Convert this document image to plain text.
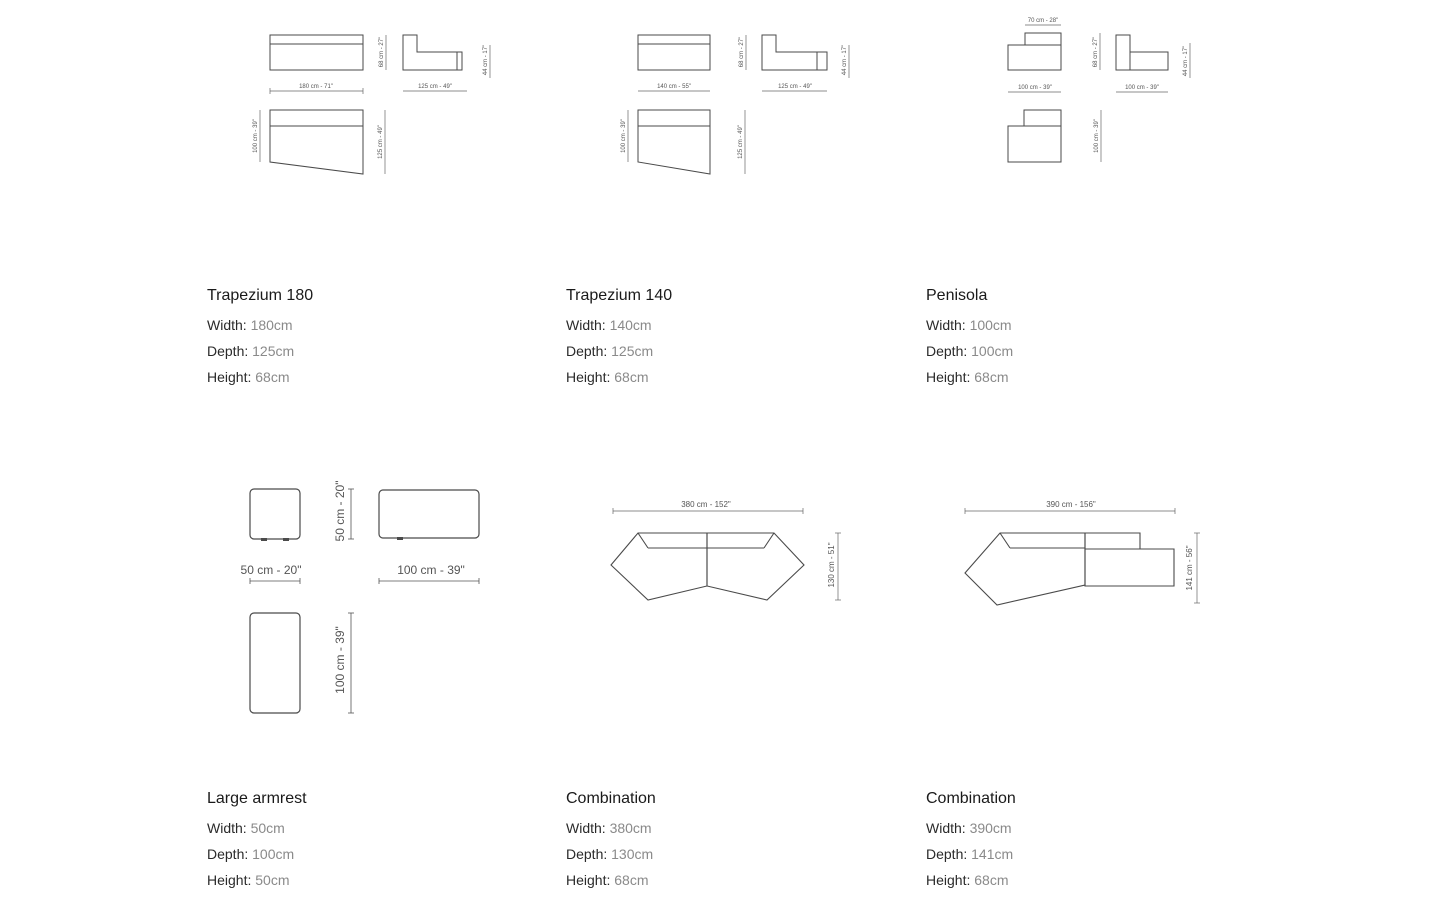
180 cm - 71"	125 cm - 49"
68 cm - 27"	44 cm - 17"
100 cm - 39"	125 cm - 49"
Trapezium 180
Width: 180cm
Depth: 125cm
Height: 68cm
140 cm - 55"	125 cm - 49"
68 cm - 27"	44 cm - 17"
100 cm - 39"	125 cm - 49"
Trapezium 140
Width: 140cm
Depth: 125cm
Height: 68cm
70 cm - 28"
100 cm - 39"	100 cm - 39"
68 cm - 27"	44 cm - 17"
100 cm - 39"
Penisola
Width: 100cm
Depth: 100cm
Height: 68cm
50 cm - 20"	100 cm - 39"
50 cm - 20"
100 cm - 39"
Large armrest
Width: 50cm
Depth: 100cm
Height: 50cm
380 cm - 152"
130 cm - 51"
Combination
Width: 380cm
Depth: 130cm
Height: 68cm
390 cm - 156"
141 cm - 56"
Combination
Width: 390cm
Depth: 141cm
Height: 68cm
